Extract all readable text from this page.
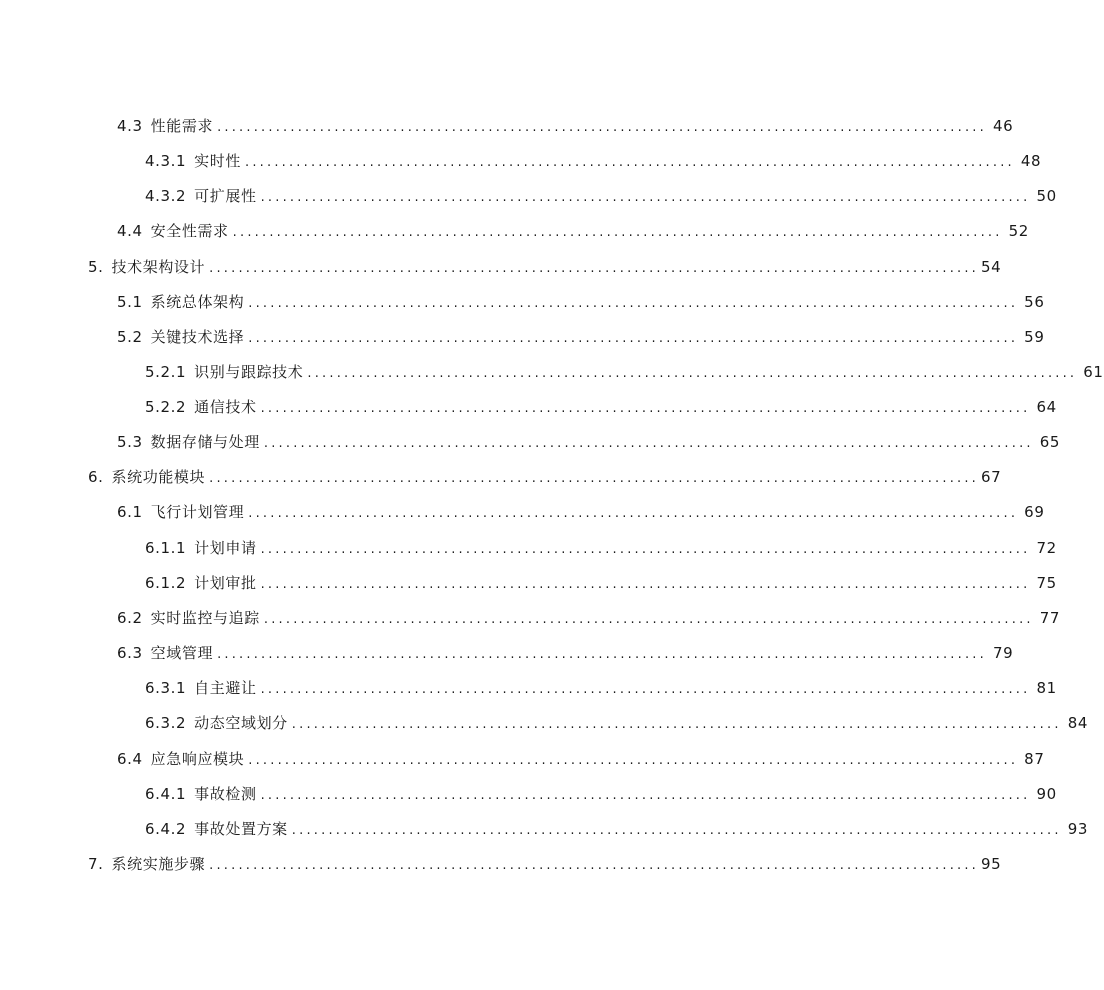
4.3 性能需求 ......................................................................................................... 46
4.3.1 实时性 ......................................................................................................... 48
4.3.2 可扩展性 ......................................................................................................... 50
4.4 安全性需求 ......................................................................................................... 52
5. 技术架构设计 ......................................................................................................... 54
5.1 系统总体架构 ......................................................................................................... 56
5.2 关键技术选择 ......................................................................................................... 59
5.2.1 识别与跟踪技术 ......................................................................................................... 61
5.2.2 通信技术 ......................................................................................................... 64
5.3 数据存储与处理 ......................................................................................................... 65
6. 系统功能模块 ......................................................................................................... 67
6.1 飞行计划管理 ......................................................................................................... 69
6.1.1 计划申请 ......................................................................................................... 72
6.1.2 计划审批 ......................................................................................................... 75
6.2 实时监控与追踪 ......................................................................................................... 77
6.3 空域管理 ......................................................................................................... 79
6.3.1 自主避让 ......................................................................................................... 81
6.3.2 动态空域划分 ......................................................................................................... 84
6.4 应急响应模块 ......................................................................................................... 87
6.4.1 事故检测 ......................................................................................................... 90
6.4.2 事故处置方案 ......................................................................................................... 93
7. 系统实施步骤 ......................................................................................................... 95
